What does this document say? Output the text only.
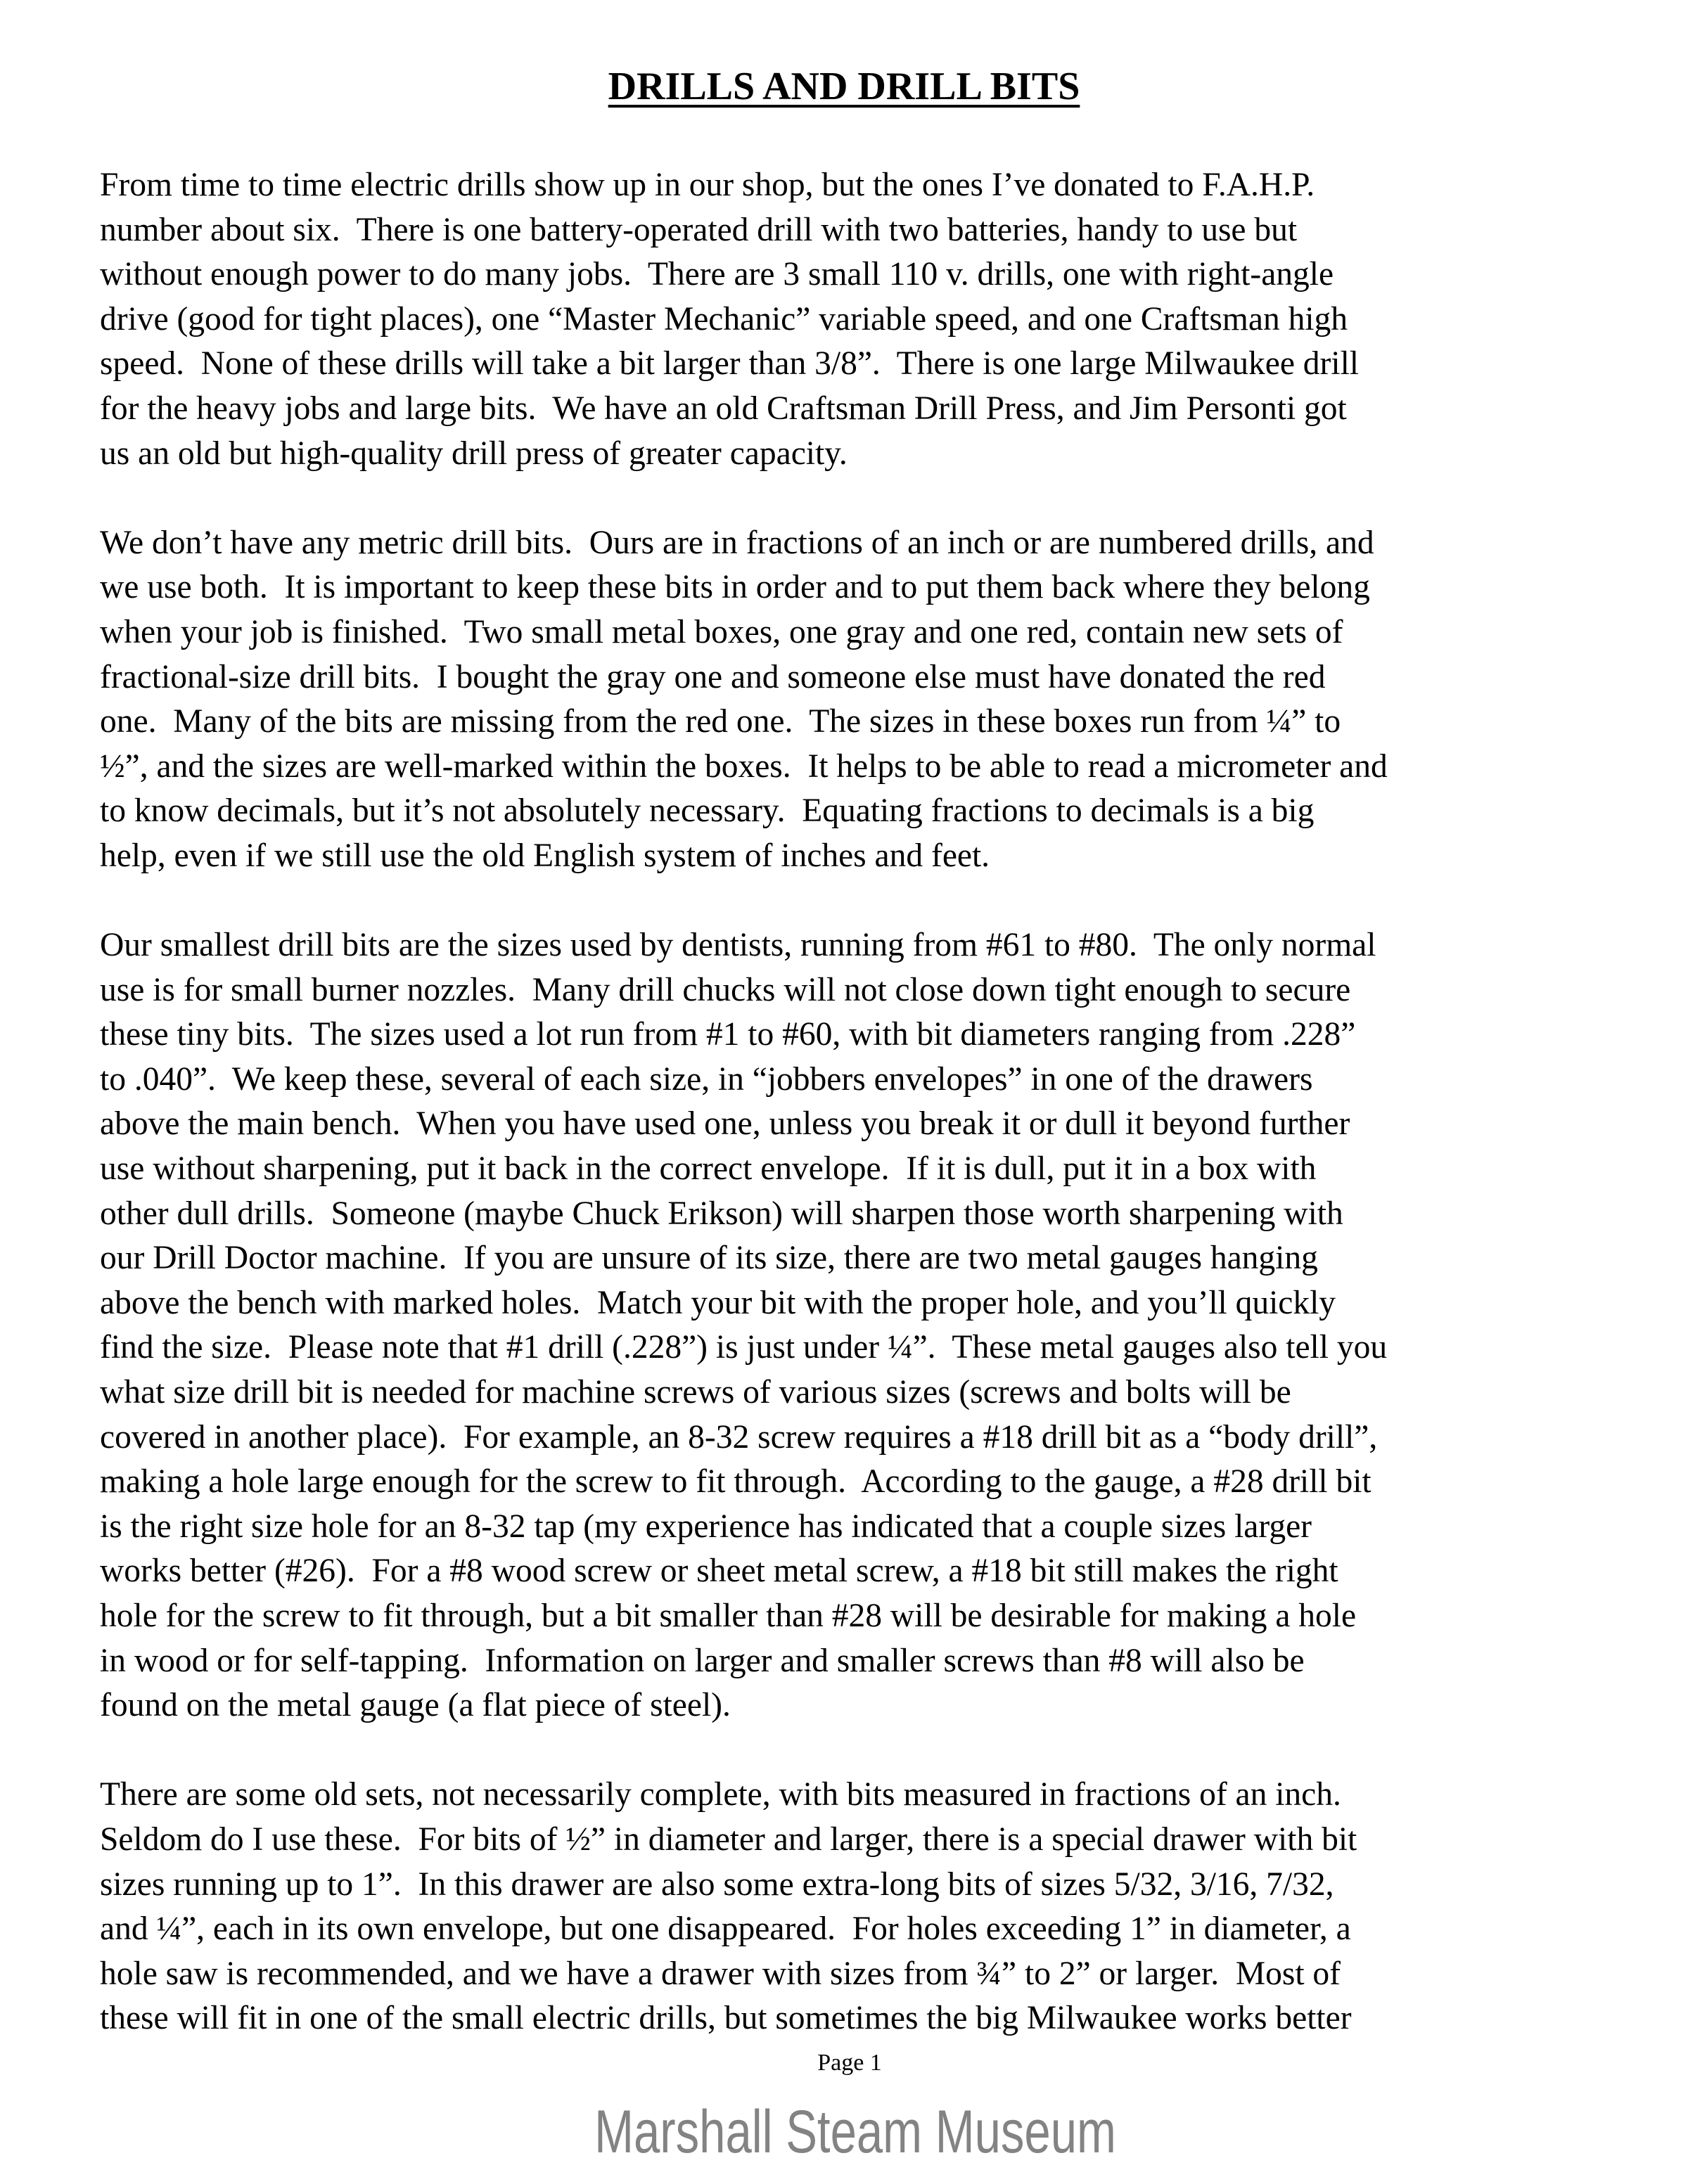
DRILLS AND DRILL BITS
From time to time electric drills show up in our shop, but the ones I’ve donated to F.A.H.P.
number about six.  There is one battery-operated drill with two batteries, handy to use but
without enough power to do many jobs.  There are 3 small 110 v. drills, one with right-angle
drive (good for tight places), one “Master Mechanic” variable speed, and one Craftsman high
speed.  None of these drills will take a bit larger than 3/8”.  There is one large Milwaukee drill
for the heavy jobs and large bits.  We have an old Craftsman Drill Press, and Jim Personti got
us an old but high-quality drill press of greater capacity.
We don’t have any metric drill bits.  Ours are in fractions of an inch or are numbered drills, and
we use both.  It is important to keep these bits in order and to put them back where they belong
when your job is finished.  Two small metal boxes, one gray and one red, contain new sets of
fractional-size drill bits.  I bought the gray one and someone else must have donated the red
one.  Many of the bits are missing from the red one.  The sizes in these boxes run from ¼” to
½”, and the sizes are well-marked within the boxes.  It helps to be able to read a micrometer and
to know decimals, but it’s not absolutely necessary.  Equating fractions to decimals is a big
help, even if we still use the old English system of inches and feet.
Our smallest drill bits are the sizes used by dentists, running from #61 to #80.  The only normal
use is for small burner nozzles.  Many drill chucks will not close down tight enough to secure
these tiny bits.  The sizes used a lot run from #1 to #60, with bit diameters ranging from .228”
to .040”.  We keep these, several of each size, in “jobbers envelopes” in one of the drawers
above the main bench.  When you have used one, unless you break it or dull it beyond further
use without sharpening, put it back in the correct envelope.  If it is dull, put it in a box with
other dull drills.  Someone (maybe Chuck Erikson) will sharpen those worth sharpening with
our Drill Doctor machine.  If you are unsure of its size, there are two metal gauges hanging
above the bench with marked holes.  Match your bit with the proper hole, and you’ll quickly
find the size.  Please note that #1 drill (.228”) is just under ¼”.  These metal gauges also tell you
what size drill bit is needed for machine screws of various sizes (screws and bolts will be
covered in another place).  For example, an 8-32 screw requires a #18 drill bit as a “body drill”,
making a hole large enough for the screw to fit through.  According to the gauge, a #28 drill bit
is the right size hole for an 8-32 tap (my experience has indicated that a couple sizes larger
works better (#26).  For a #8 wood screw or sheet metal screw, a #18 bit still makes the right
hole for the screw to fit through, but a bit smaller than #28 will be desirable for making a hole
in wood or for self-tapping.  Information on larger and smaller screws than #8 will also be
found on the metal gauge (a flat piece of steel).
There are some old sets, not necessarily complete, with bits measured in fractions of an inch.
Seldom do I use these.  For bits of ½” in diameter and larger, there is a special drawer with bit
sizes running up to 1”.  In this drawer are also some extra-long bits of sizes 5/32, 3/16, 7/32,
and ¼”, each in its own envelope, but one disappeared.  For holes exceeding 1” in diameter, a
hole saw is recommended, and we have a drawer with sizes from ¾” to 2” or larger.  Most of
these will fit in one of the small electric drills, but sometimes the big Milwaukee works better
Page 1
Marshall Steam Museum
